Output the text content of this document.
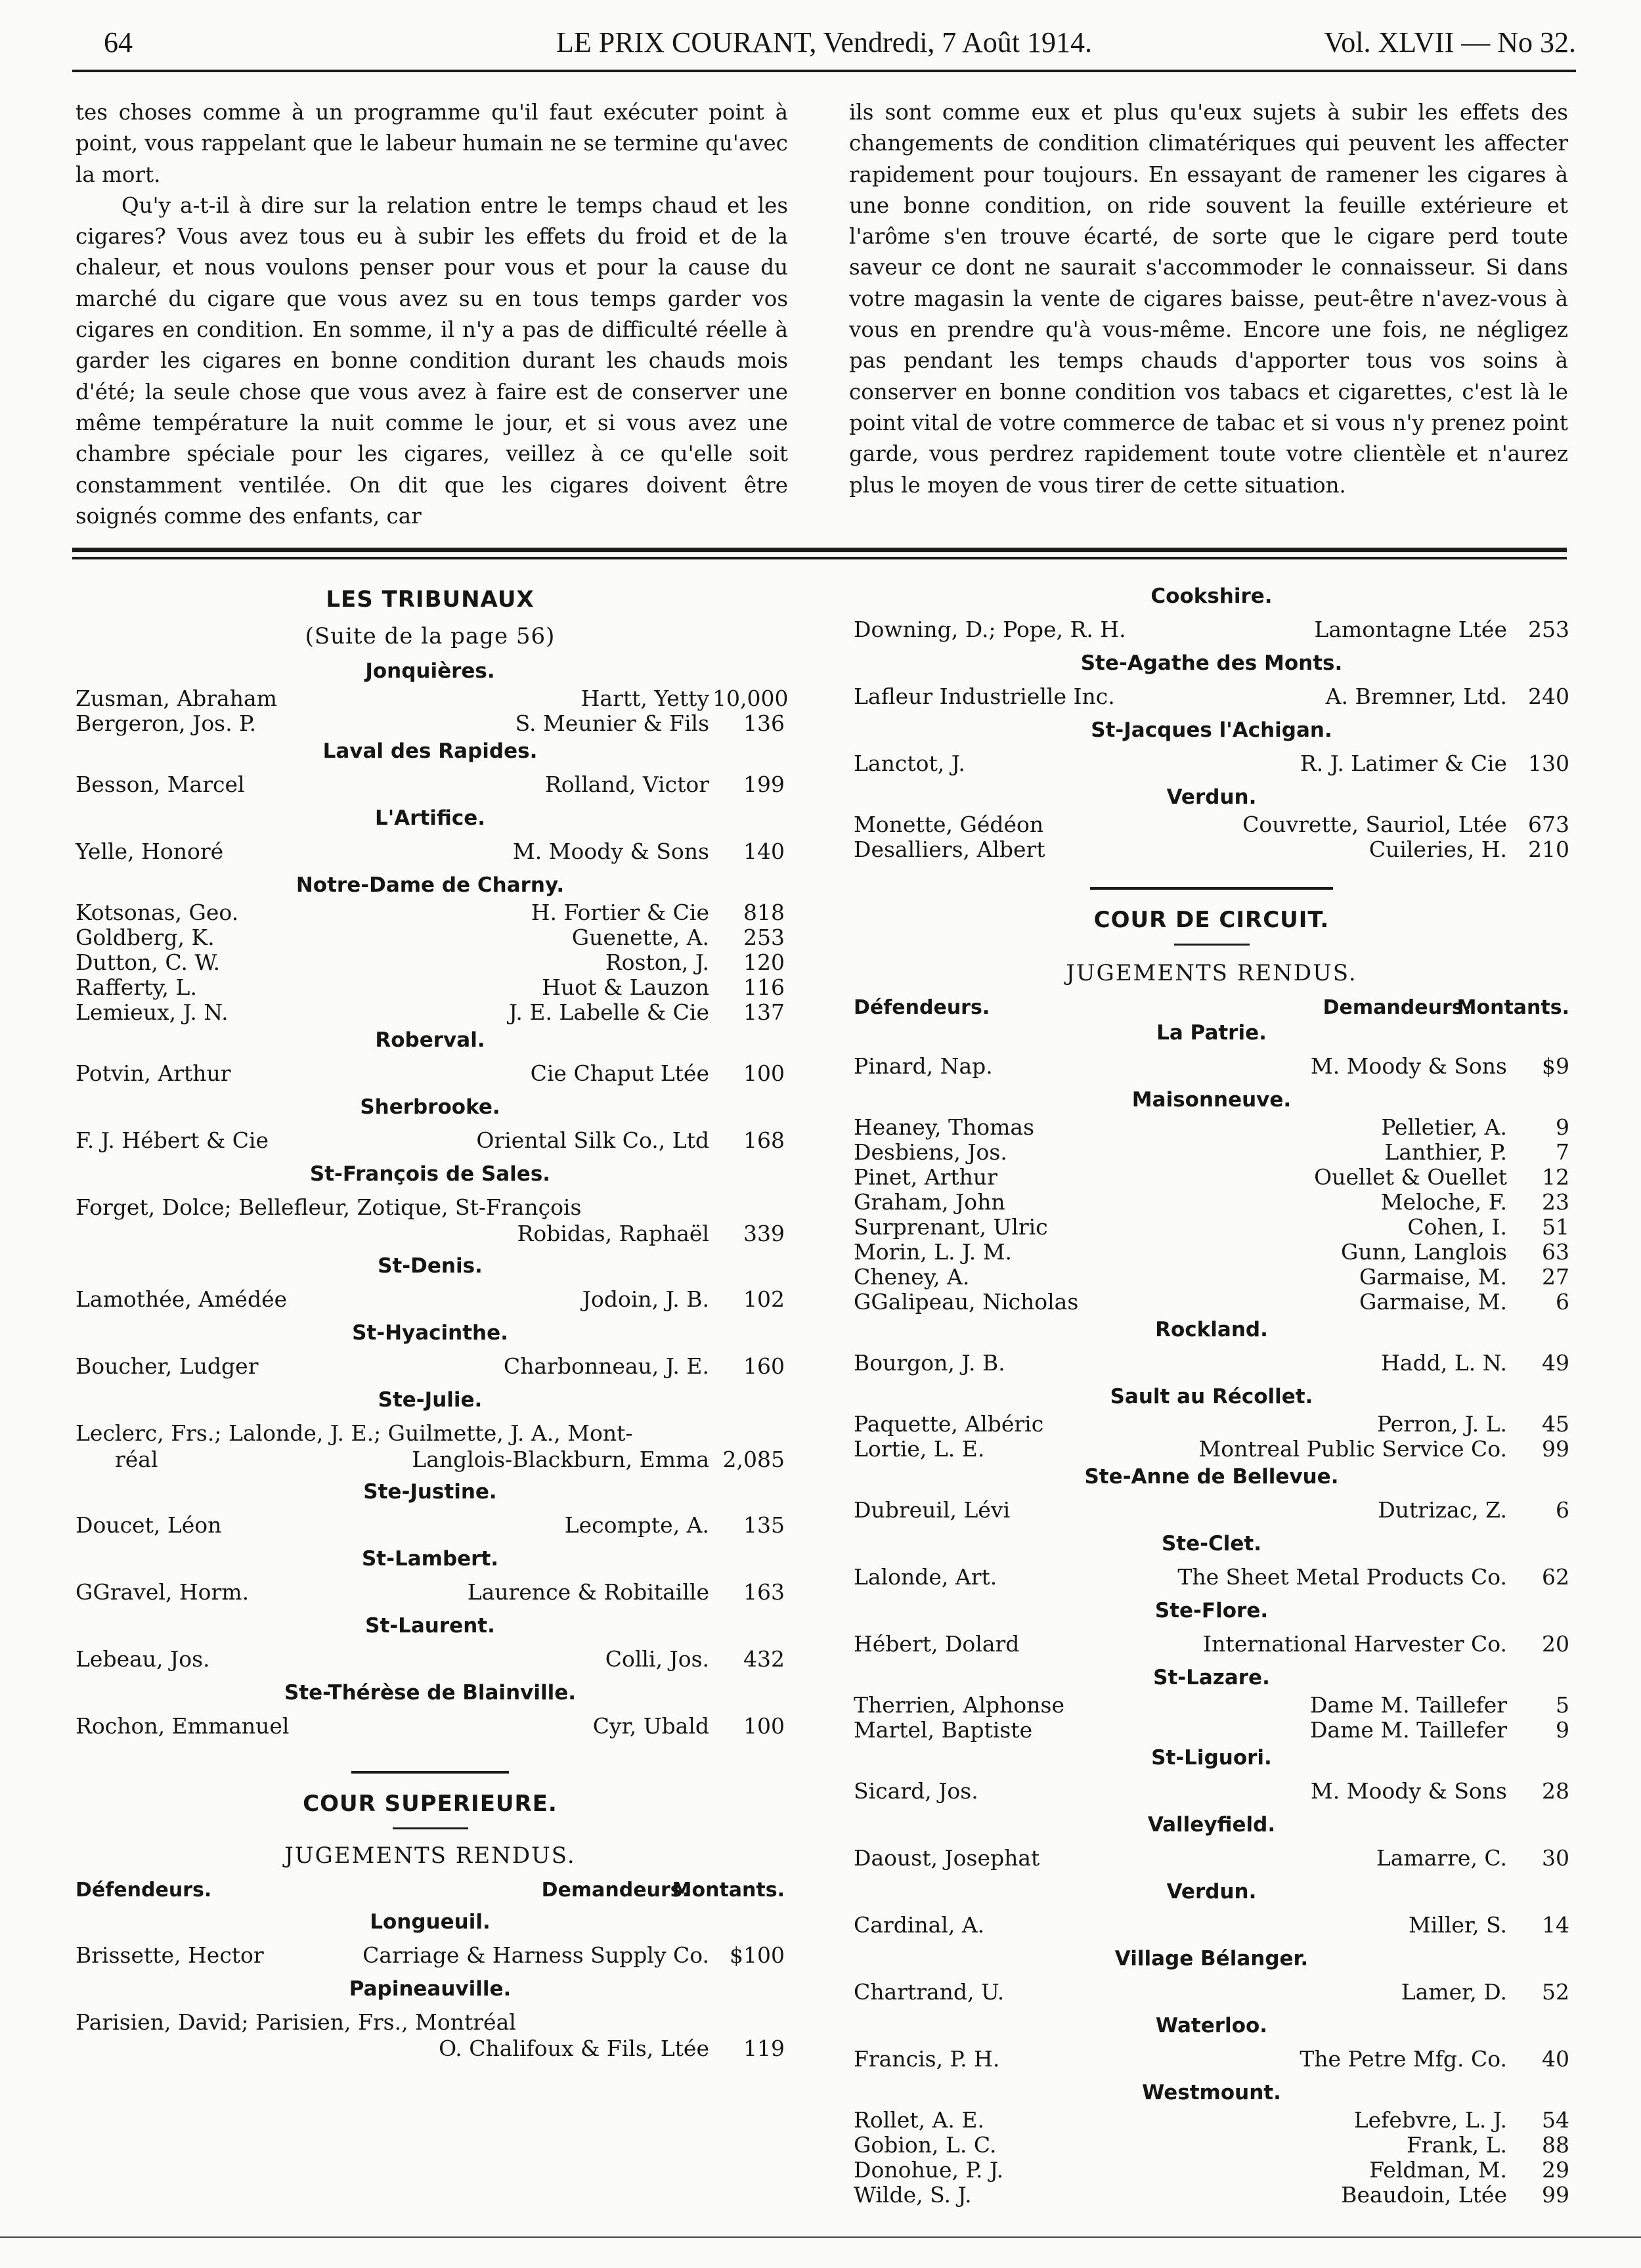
64	LE PRIX COURANT, Vendredi, 7 Août 1914.	Vol. XLVII — No 32.

tes choses comme à un programme qu'il faut exécuter point à point, vous rappelant que le labeur humain ne se termine qu'avec la mort.

Qu'y a-t-il à dire sur la relation entre le temps chaud et les cigares? Vous avez tous eu à subir les effets du froid et de la chaleur, et nous voulons penser pour vous et pour la cause du marché du cigare que vous avez su en tous temps garder vos cigares en condition. En somme, il n'y a pas de difficulté réelle à garder les cigares en bonne condition durant les chauds mois d'été; la seule chose que vous avez à faire est de conserver une même température la nuit comme le jour, et si vous avez une chambre spéciale pour les cigares, veillez à ce qu'elle soit constamment ventilée. On dit que les cigares doivent être soignés comme des enfants, car

ils sont comme eux et plus qu'eux sujets à subir les effets des changements de condition climatériques qui peuvent les affecter rapidement pour toujours. En essayant de ramener les cigares à une bonne condition, on ride souvent la feuille extérieure et l'arôme s'en trouve écarté, de sorte que le cigare perd toute saveur ce dont ne saurait s'accommoder le connaisseur. Si dans votre magasin la vente de cigares baisse, peut-être n'avez-vous à vous en prendre qu'à vous-même. Encore une fois, ne négligez pas pendant les temps chauds d'apporter tous vos soins à conserver en bonne condition vos tabacs et cigarettes, c'est là le point vital de votre commerce de tabac et si vous n'y prenez point garde, vous perdrez rapidement toute votre clientèle et n'aurez plus le moyen de vous tirer de cette situation.

LES TRIBUNAUX
(Suite de la page 56)
Jonquières.
Zusman, Abraham	Hartt, Yetty 10,000
Bergeron, Jos. P.	S. Meunier & Fils	136
Laval des Rapides.
Besson, Marcel	Rolland, Victor	199
L'Artifice.
Yelle, Honoré	M. Moody & Sons	140
Notre-Dame de Charny.
Kotsonas, Geo.	H. Fortier & Cie	818
Goldberg, K.	Guenette, A.	253
Dutton, C. W.	Roston, J.	120
Rafferty, L.	Huot & Lauzon	116
Lemieux, J. N.	J. E. Labelle & Cie	137
Roberval.
Potvin, Arthur	Cie Chaput Ltée	100
Sherbrooke.
F. J. Hébert & Cie	Oriental Silk Co., Ltd	168
St-François de Sales.
Forget, Dolce; Bellefleur, Zotique, St-François
Robidas, Raphaël	339
St-Denis.
Lamothée, Amédée	Jodoin, J. B.	102
St-Hyacinthe.
Boucher, Ludger	Charbonneau, J. E.	160
Ste-Julie.
Leclerc, Frs.; Lalonde, J. E.; Guilmette, J. A., Mont-
réal	Langlois-Blackburn, Emma 2,085
Ste-Justine.
Doucet, Léon	Lecompte, A.	135
St-Lambert.
GGravel, Horm.	Laurence & Robitaille	163
St-Laurent.
Lebeau, Jos.	Colli, Jos.	432
Ste-Thérèse de Blainville.
Rochon, Emmanuel	Cyr, Ubald	100
COUR SUPERIEURE.
JUGEMENTS RENDUS.
Défendeurs.	Demandeurs.
Montants.
Longueuil.
Brissette, Hector	Carriage & Harness Supply Co. $100
Papineauville.
Parisien, David; Parisien, Frs., Montréal
O. Chalifoux & Fils, Ltée	119
Cookshire.
Downing, D.; Pope, R. H.	Lamontagne Ltée 253
Ste-Agathe des Monts.
Lafleur Industrielle Inc.	A. Bremner, Ltd. 240
St-Jacques l'Achigan.
Lanctot, J.	R. J. Latimer & Cie 130
Verdun.
Monette, Gédéon	Couvrette, Sauriol, Ltée 673
Desalliers, Albert	Cuileries, H. 210
COUR DE CIRCUIT.
JUGEMENTS RENDUS.
Défendeurs.	Demandeurs.
Montants.
La Patrie.
Pinard, Nap.	M. Moody & Sons	$9
Maisonneuve.
Heaney, Thomas	Pelletier, A.	9
Desbiens, Jos.	Lanthier, P.	7
Pinet, Arthur	Ouellet & Ouellet	12
Graham, John	Meloche, F.	23
Surprenant, Ulric	Cohen, I.	51
Morin, L. J. M.	Gunn, Langlois	63
Cheney, A.	Garmaise, M.	27
GGalipeau, Nicholas	Garmaise, M.	6
Rockland.
Bourgon, J. B.	Hadd, L. N.	49
Sault au Récollet.
Paquette, Albéric	Perron, J. L.	45
Lortie, L. E.	Montreal Public Service Co.	99
Ste-Anne de Bellevue.
Dubreuil, Lévi	Dutrizac, Z.	6
Ste-Clet.
Lalonde, Art.	The Sheet Metal Products Co.	62
Ste-Flore.
Hébert, Dolard	International Harvester Co.	20
St-Lazare.
Therrien, Alphonse	Dame M. Taillefer	5
Martel, Baptiste	Dame M. Taillefer	9
St-Liguori.
Sicard, Jos.	M. Moody & Sons	28
Valleyfield.
Daoust, Josephat	Lamarre, C.	30
Verdun.
Cardinal, A.	Miller, S.	14
Village Bélanger.
Chartrand, U.	Lamer, D.	52
Waterloo.
Francis, P. H.	The Petre Mfg. Co.	40
Westmount.
Rollet, A. E.	Lefebvre, L. J.	54
Gobion, L. C.	Frank, L.	88
Donohue, P. J.	Feldman, M.	29
Wilde, S. J.	Beaudoin, Ltée	99
